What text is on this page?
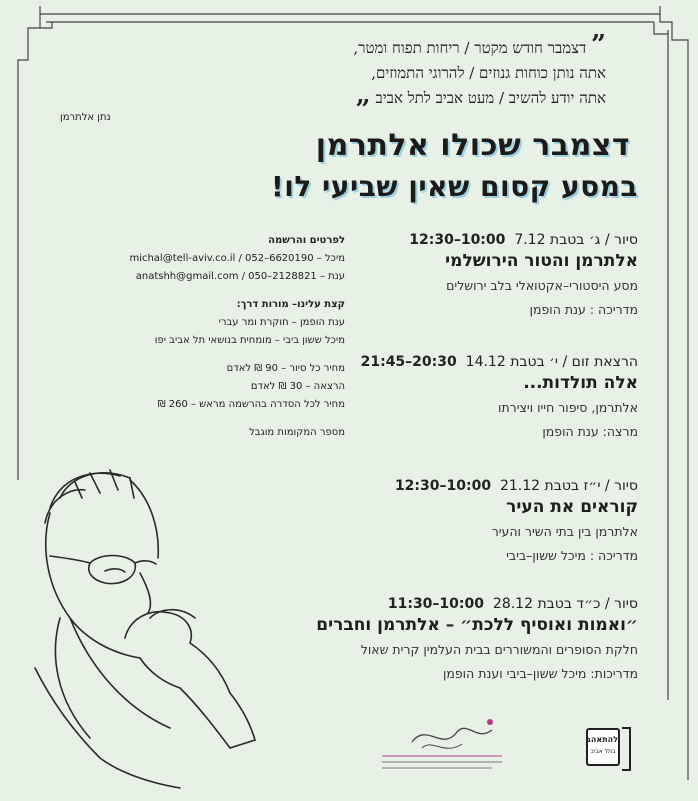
” דצמבר חודש מקטר / ריחות תפוח ומטר,
אתה נותן כוחות גנוזים / להרוגי התמוזים,
אתה יודע להשיב / מעט אביב לתל אביב „
נתן אלתרמן
דצמבר שכולו אלתרמן
במסע קסום שאין שביעי לו!
סיור / ג׳ בטבת 7.12  12:30–10:00
אלתרמן והטור הירושלמי
מסע היסטורי–אקטואלי בלב ירושלים
מדריכה : ענת הופמן
הרצאת זום / י׳ בטבת 14.12  21:45–20:30
אלה תולדות...
אלתרמן, סיפור חייו ויצירתו
מרצה: ענת הופמן
סיור / י״ז בטבת 21.12  12:30–10:00
קוראים את העיר
אלתרמן בין בתי השיר והעיר
מדריכה : מיכל ששון–ביבי
סיור / כ״ד בטבת 28.12  11:30–10:00
״ואמות ואוסיף ללכת״ – אלתרמן וחברים
חלקת הסופרים והמשוררים בבית העלמין קרית שאול
מדריכות: מיכל ששון–ביבי וענת הופמן
לפרטים והרשמה
מיכל – michal@tell-aviv.co.il / 052–6620190
ענת – anatshh@gmail.com / 050–2128821
קצת עלינו– מורות דרך:
ענת הופמן – חוקרת ומר עברי
מיכל ששון ביבי – מומחית בנושאי תל אביב יפו
מחיר כל סיור – 90 ₪ לאדם
הרצאה – 30 ₪ לאדם
מחיר לכל הסדרה בהרשמה מראש – 260 ₪
מספר המקומות מוגבל
להתאהב
בתל אביב
